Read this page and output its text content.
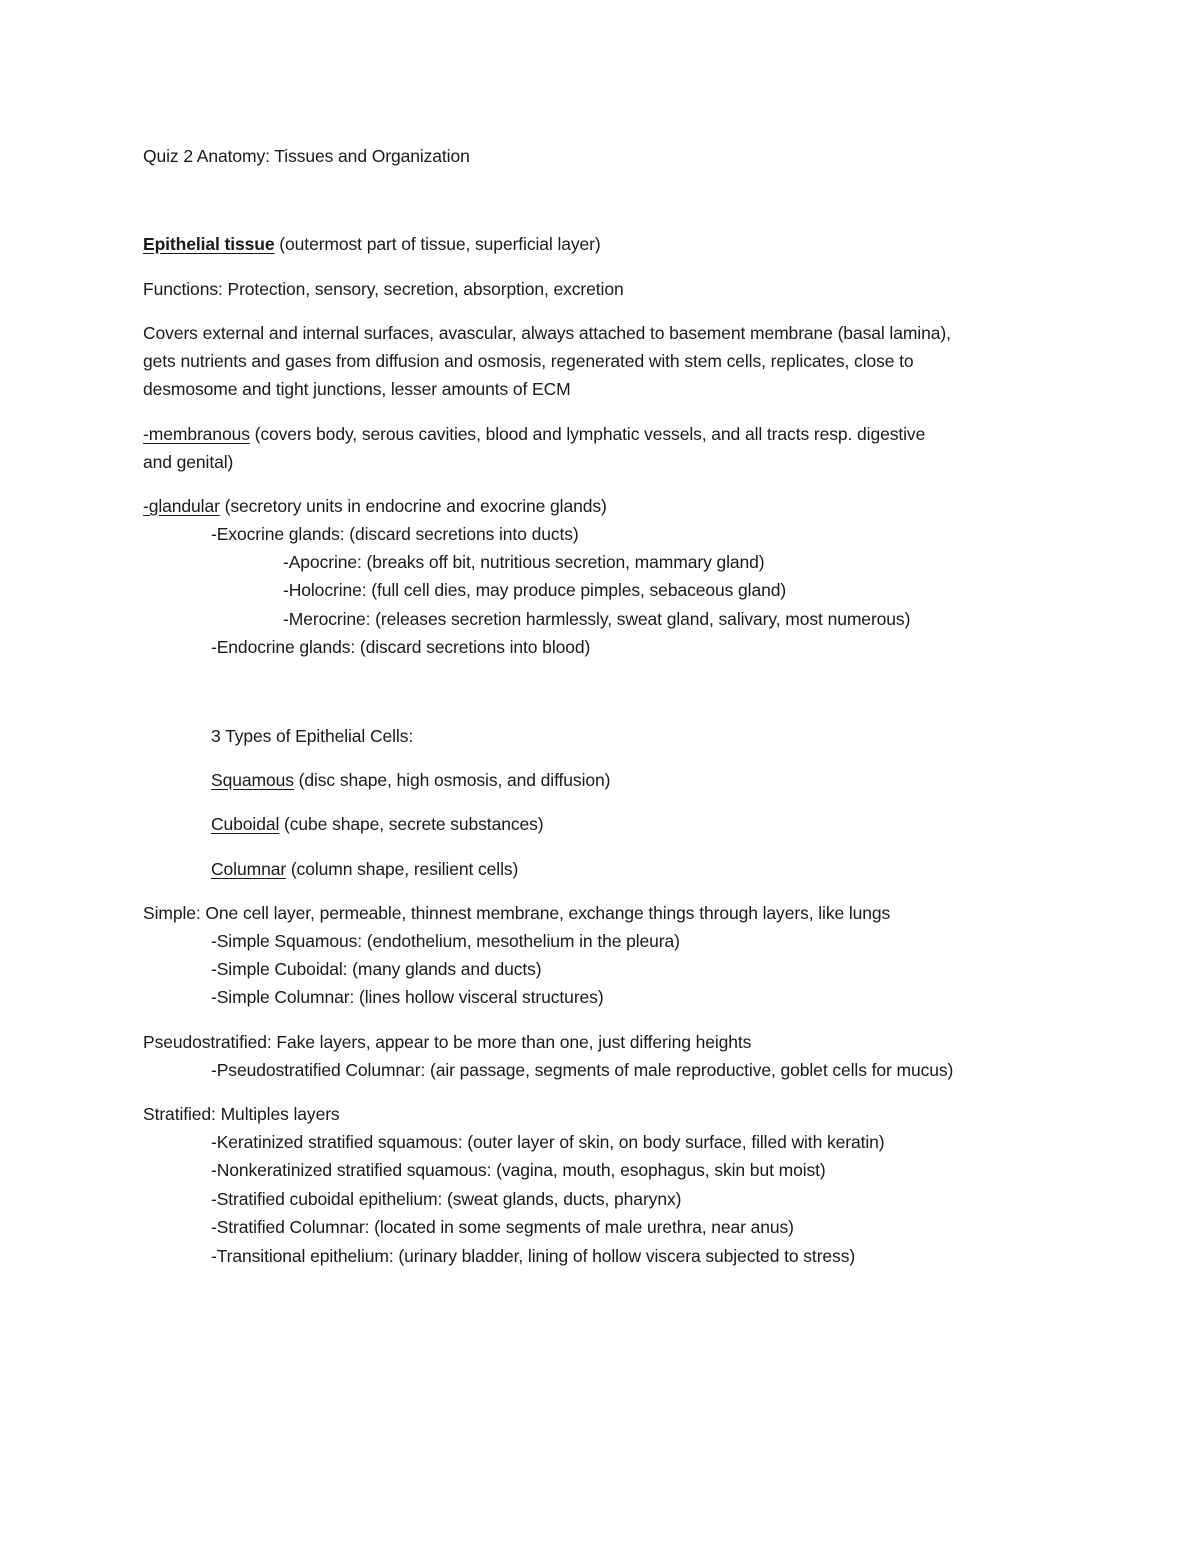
Quiz 2 Anatomy: Tissues and Organization
Epithelial tissue (outermost part of tissue, superficial layer)
Functions: Protection, sensory, secretion, absorption, excretion
Covers external and internal surfaces, avascular, always attached to basement membrane (basal lamina),
gets nutrients and gases from diffusion and osmosis, regenerated with stem cells, replicates, close to
desmosome and tight junctions, lesser amounts of ECM
-membranous (covers body, serous cavities, blood and lymphatic vessels, and all tracts resp. digestive
and genital)
-glandular (secretory units in endocrine and exocrine glands)
-Exocrine glands: (discard secretions into ducts)
-Apocrine: (breaks off bit, nutritious secretion, mammary gland)
-Holocrine: (full cell dies, may produce pimples, sebaceous gland)
-Merocrine: (releases secretion harmlessly, sweat gland, salivary, most numerous)
-Endocrine glands: (discard secretions into blood)
3 Types of Epithelial Cells:
Squamous (disc shape, high osmosis, and diffusion)
Cuboidal (cube shape, secrete substances)
Columnar (column shape, resilient cells)
Simple: One cell layer, permeable, thinnest membrane, exchange things through layers, like lungs
-Simple Squamous: (endothelium, mesothelium in the pleura)
-Simple Cuboidal: (many glands and ducts)
-Simple Columnar: (lines hollow visceral structures)
Pseudostratified: Fake layers, appear to be more than one, just differing heights
-Pseudostratified Columnar: (air passage, segments of male reproductive, goblet cells for mucus)
Stratified: Multiples layers
-Keratinized stratified squamous: (outer layer of skin, on body surface, filled with keratin)
-Nonkeratinized stratified squamous: (vagina, mouth, esophagus, skin but moist)
-Stratified cuboidal epithelium: (sweat glands, ducts, pharynx)
-Stratified Columnar: (located in some segments of male urethra, near anus)
-Transitional epithelium: (urinary bladder, lining of hollow viscera subjected to stress)
